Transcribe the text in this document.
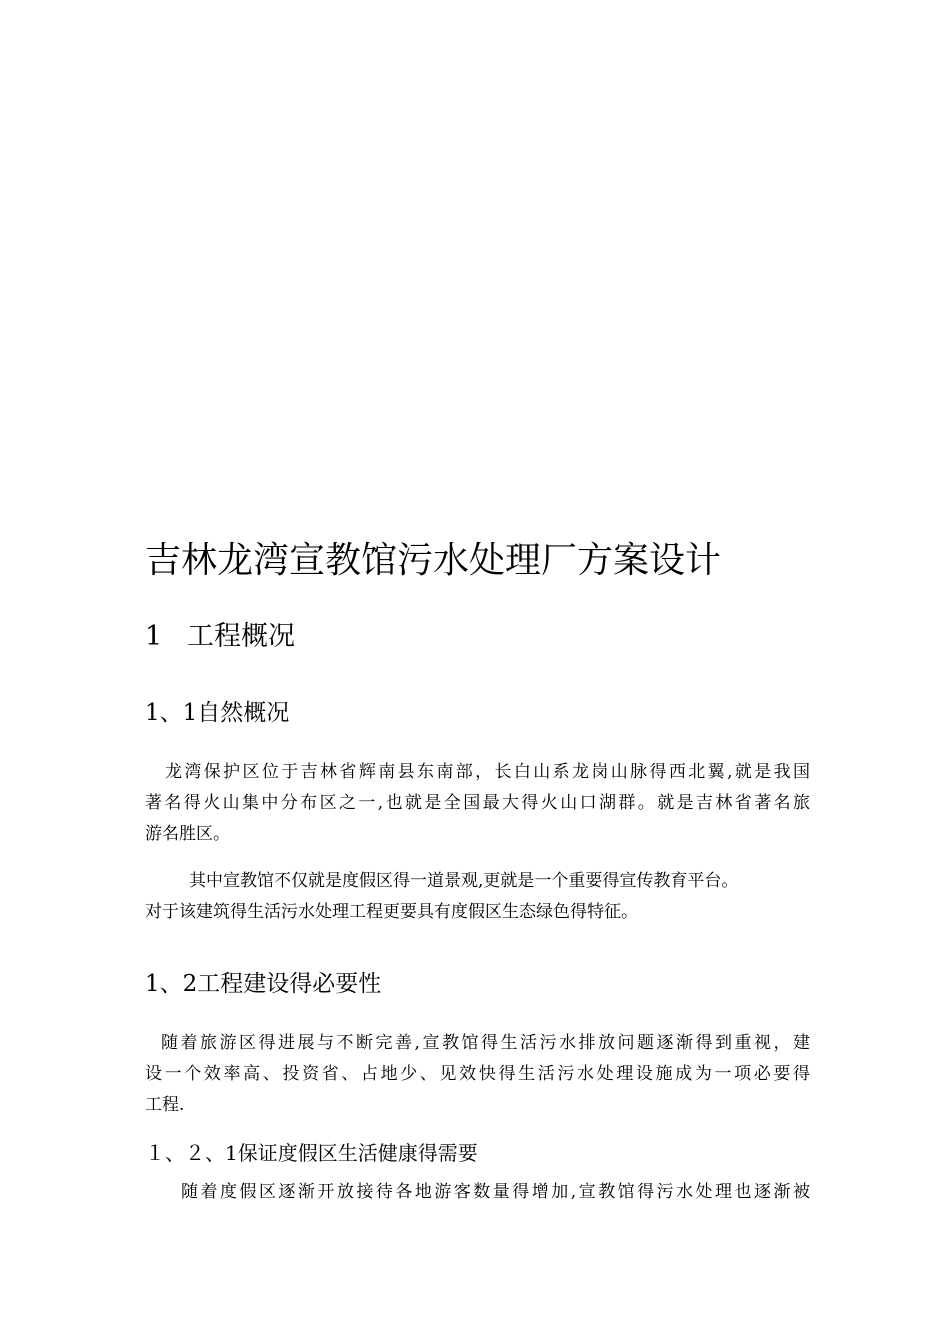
吉林龙湾宣教馆污水处理厂方案设计
1 工程概况
1、1自然概况
龙湾保护区位于吉林省辉南县东南部，长白山系龙岗山脉得西北翼,就是我国
著名得火山集中分布区之一,也就是全国最大得火山口湖群。就是吉林省著名旅
游名胜区。
其中宣教馆不仅就是度假区得一道景观,更就是一个重要得宣传教育平台。
对于该建筑得生活污水处理工程更要具有度假区生态绿色得特征。
1、2工程建设得必要性
随着旅游区得进展与不断完善,宣教馆得生活污水排放问题逐渐得到重视，建
设一个效率高、投资省、占地少、见效快得生活污水处理设施成为一项必要得
工程.
１、２、1保证度假区生活健康得需要
随着度假区逐渐开放接待各地游客数量得增加,宣教馆得污水处理也逐渐被
